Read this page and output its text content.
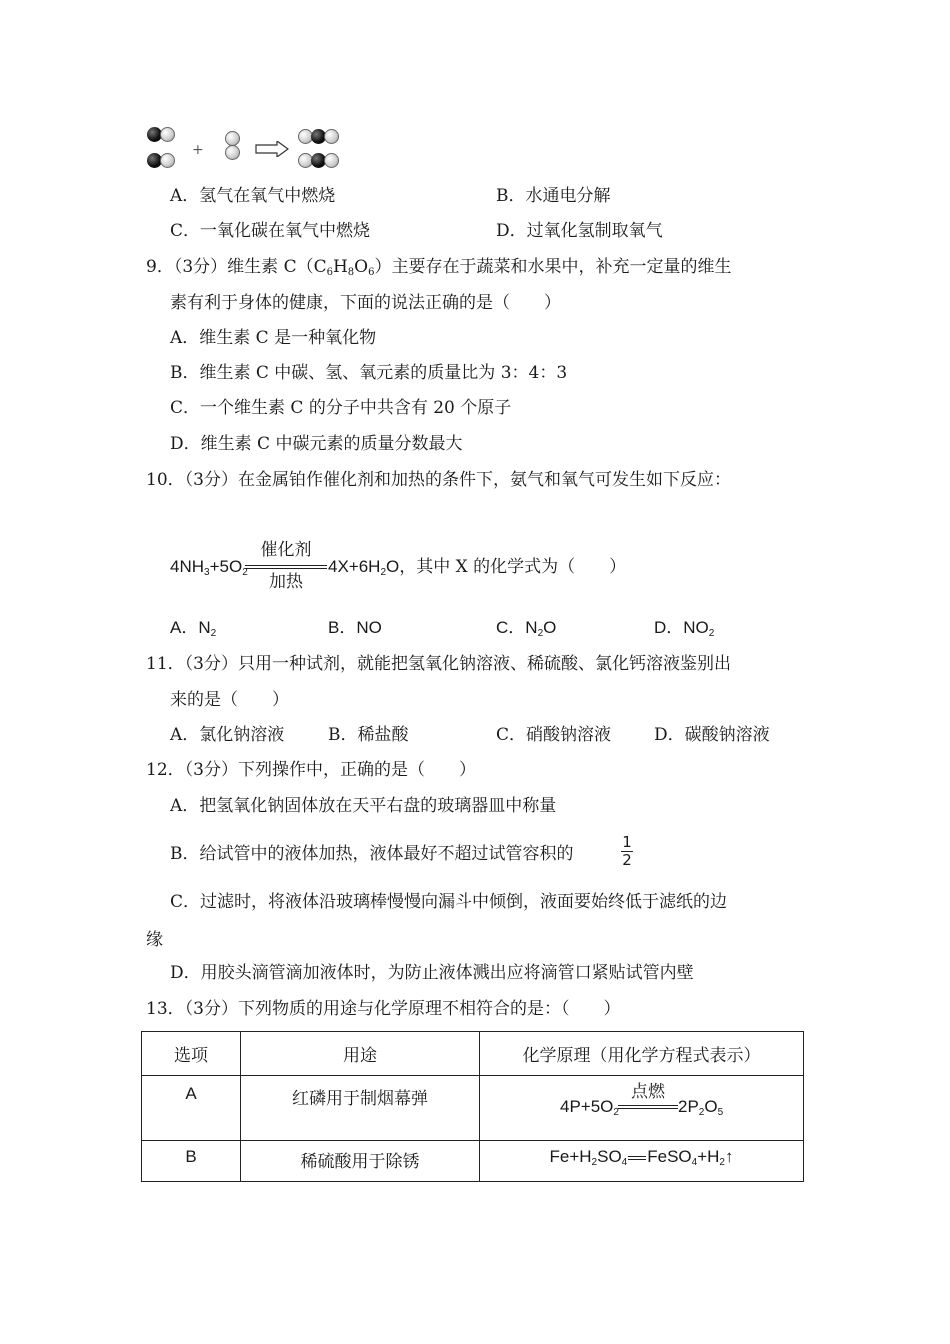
+
A．氢气在氧气中燃烧	B．水通电分解
C．一氧化碳在氧气中燃烧	D．过氧化氢制取氧气
9．（3分）维生素 $C(C_6H_8O_6)$主要存在于蔬菜和水果中，补充一定量的维生
素有利于身体的健康，下面的说法正确的是（　　）
A．维生素 C 是一种氧化物
B．维生素 C 中碳、氢、氧元素的质量比为 3：4：3
C．一个维生素 C 的分子中共含有 20 个原子
D．维生素 C 中碳元素的质量分数最大
10．（3分）在金属铂作催化剂和加热的条件下，氨气和氧气可发生如下反应：
$4NH_3+5O_2$
催化剂
加热
$4X+6H_2O$，其中 X 的化学式为（　　）
A．$N_2$	B．NO	C．$N_2O$	D．$NO_2$
11．（3分）只用一种试剂，就能把氢氧化钠溶液、稀硫酸、氯化钙溶液鉴别出
来的是（　　）
A．氯化钠溶液	B．稀盐酸	C．硝酸钠溶液	D．碳酸钠溶液
12．（3分）下列操作中，正确的是（　　）
A．把氢氧化钠固体放在天平右盘的玻璃器皿中称量
B．给试管中的液体加热，液体最好不超过试管容积的
1
2
C．过滤时，将液体沿玻璃棒慢慢向漏斗中倾倒，液面要始终低于滤纸的边
缘
D．用胶头滴管滴加液体时，为防止液体溅出应将滴管口紧贴试管内壁
13．（3分）下列物质的用途与化学原理不相符合的是：（　　）
选项	用途	化学原理（用化学方程式表示）
A	红磷用于制烟幕弹	$4P+5O_2$
点燃
$2P_2O_5$

B	稀硫酸用于除锈	$Fe+H_2SO_4$ $FeSO_4+H_2↑$
